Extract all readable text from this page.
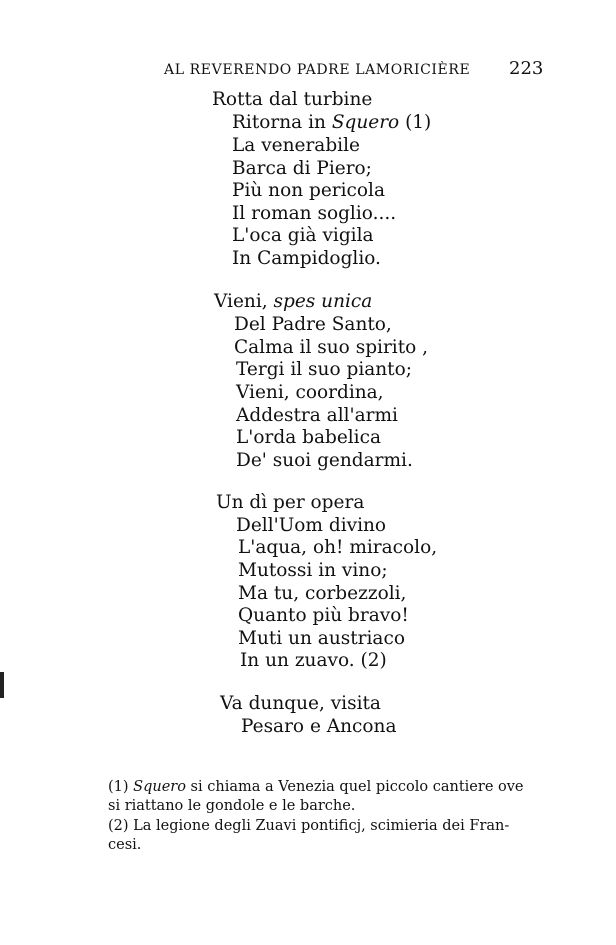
AL REVERENDO PADRE LAMORICIÈRE 223
Rotta dal turbine
Ritorna in Squero (1)
La venerabile
Barca di Piero;
Più non pericola
Il roman soglio....
L'oca già vigila
In Campidoglio.
Vieni, spes unica
Del Padre Santo,
Calma il suo spirito ,
Tergi il suo pianto;
Vieni, coordina,
Addestra all'armi
L'orda babelica
De' suoi gendarmi.
Un dì per opera
Dell'Uom divino
L'aqua, oh! miracolo,
Mutossi in vino;
Ma tu, corbezzoli,
Quanto più bravo!
Muti un austriaco
In un zuavo. (2)
Va dunque, visita
Pesaro e Ancona
(1) Squero si chiama a Venezia quel piccolo cantiere ove
si riattano le gondole e le barche.
(2) La legione degli Zuavi pontificj, scimieria dei Fran-
cesi.
